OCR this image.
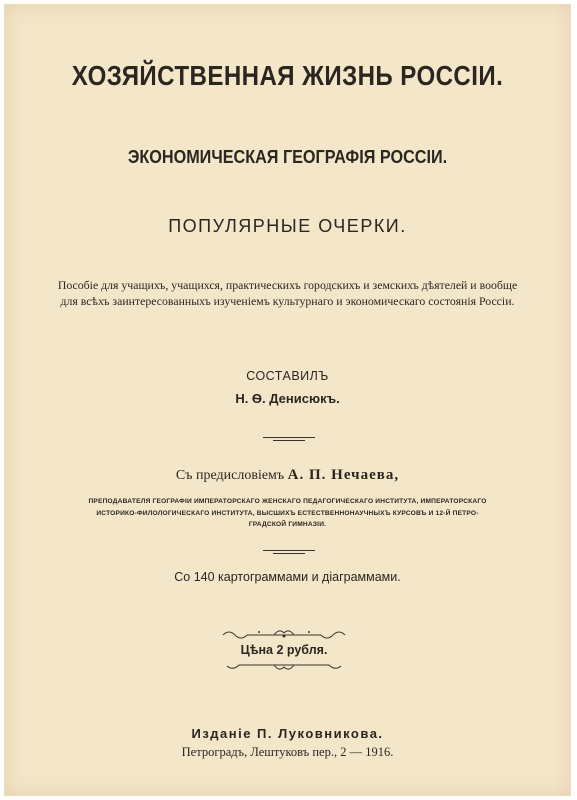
ХОЗЯЙСТВЕННАЯ ЖИЗНЬ РОССIИ.
ЭКОНОМИЧЕСКАЯ ГЕОГРАФIЯ РОССIИ.
ПОПУЛЯРНЫЕ ОЧЕРКИ.
Пособiе для учащихъ, учащихся, практическихъ городскихъ и земскихъ дѣятелей и вообще
для всѣхъ заинтересованныхъ изученiемъ культурнаго и экономическаго состоянiя Россiи.
СОСТАВИЛЪ
Н. Ѳ. Денисюкъ.
Съ предисловiемъ А. П. Нечаева,
ПРЕПОДАВАТЕЛЯ ГЕОГРАФIИ ИМПЕРАТОРСКАГО ЖЕНСКАГО ПЕДАГОГИЧЕСКАГО ИНСТИТУТА, ИМПЕРАТОРСКАГО
ИСТОРИКО-ФИЛОЛОГИЧЕСКАГО ИНСТИТУТА, ВЫСШИХЪ ЕСТЕСТВЕННОНАУЧНЫХЪ КУРСОВЪ И 12-Й ПЕТРО-
ГРАДСКОЙ ГИМНАЗIИ.
Со 140 картограммами и дiаграммами.
Цѣна 2 рубля.
Изданiе П. Луковникова.
Петроградъ, Лештуковъ пер., 2 — 1916.
